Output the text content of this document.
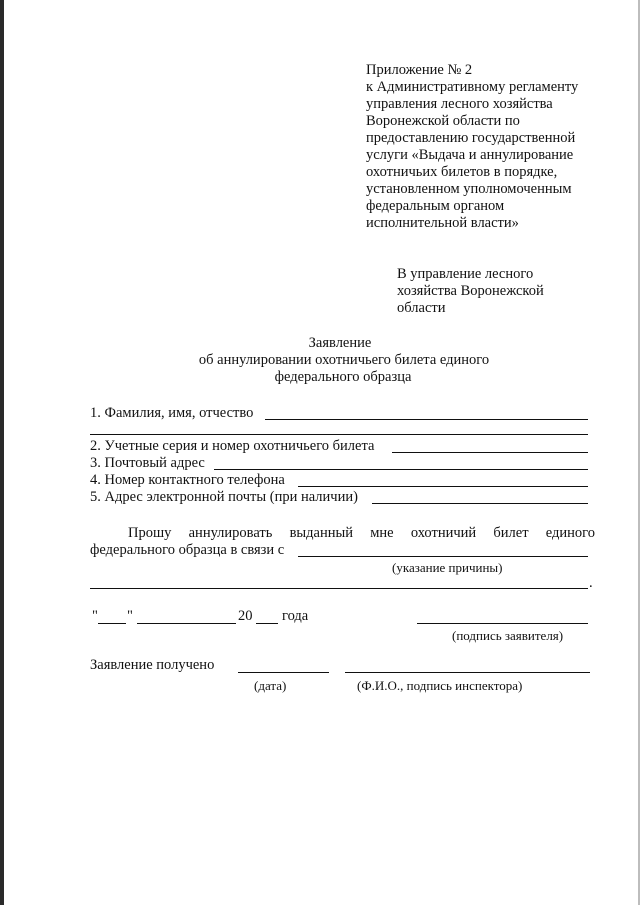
Приложение № 2
к Административному регламенту
управления лесного хозяйства
Воронежской области по
предоставлению государственной
услуги «Выдача и аннулирование
охотничьих билетов в порядке,
установленном уполномоченным
федеральным органом
исполнительной власти»
В управление лесного
хозяйства Воронежской
области
Заявление
об аннулировании охотничьего билета единого
федерального образца
1. Фамилия, имя, отчество
2. Учетные серия и номер охотничьего билета
3. Почтовый адрес
4. Номер контактного телефона
5. Адрес электронной почты (при наличии)
Прошу аннулировать выданный мне охотничий билет единого
федерального образца в связи с
(указание причины)
.
" "	20 года
(подпись заявителя)
Заявление получено
(дата)	(Ф.И.О., подпись инспектора)
